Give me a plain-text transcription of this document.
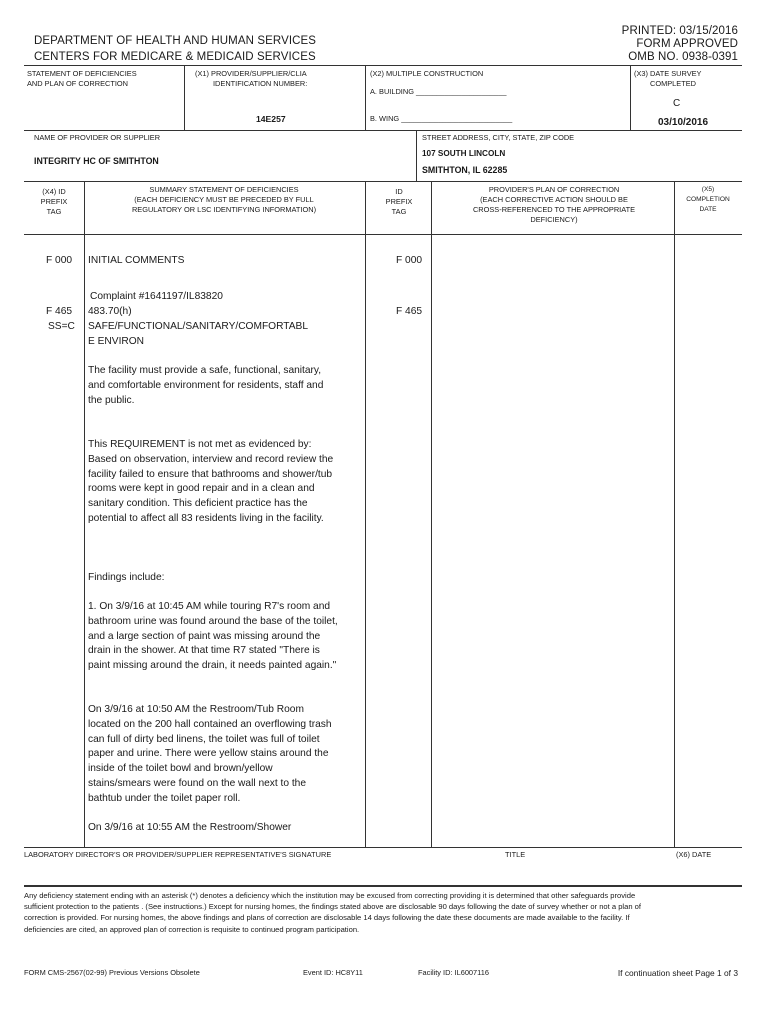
PRINTED: 03/15/2016
FORM APPROVED
OMB NO. 0938-0391
DEPARTMENT OF HEALTH AND HUMAN SERVICES
CENTERS FOR MEDICARE & MEDICAID SERVICES
STATEMENT OF DEFICIENCIES
AND PLAN OF CORRECTION
(X1) PROVIDER/SUPPLIER/CLIA
IDENTIFICATION NUMBER:
14E257
(X2) MULTIPLE CONSTRUCTION
A. BUILDING ______________________
B. WING ___________________________
(X3) DATE SURVEY
COMPLETED
C
03/10/2016
NAME OF PROVIDER OR SUPPLIER
INTEGRITY HC OF SMITHTON
STREET ADDRESS, CITY, STATE, ZIP CODE
107 SOUTH LINCOLN
SMITHTON, IL 62285
(X4) ID
PREFIX
TAG
SUMMARY STATEMENT OF DEFICIENCIES
(EACH DEFICIENCY MUST BE PRECEDED BY FULL
REGULATORY OR LSC IDENTIFYING INFORMATION)
ID
PREFIX
TAG
PROVIDER'S PLAN OF CORRECTION
(EACH CORRECTIVE ACTION SHOULD BE
CROSS-REFERENCED TO THE APPROPRIATE
DEFICIENCY)
(X5)
COMPLETION
DATE
F 000 INITIAL COMMENTS	F 000
Complaint #1641197/IL83820
F 465 483.70(h)	F 465
SS=C SAFE/FUNCTIONAL/SANITARY/COMFORTABL
E ENVIRON
The facility must provide a safe, functional, sanitary, and comfortable environment for residents, staff and the public.
This REQUIREMENT is not met as evidenced by:
Based on observation, interview and record review the facility failed to ensure that bathrooms and shower/tub rooms were kept in good repair and in a clean and sanitary condition. This deficient practice has the potential to affect all 83 residents living in the facility.
Findings include:
1. On 3/9/16 at 10:45 AM while touring R7's room and bathroom urine was found around the base of the toilet, and a large section of paint was missing around the drain in the shower. At that time R7 stated "There is paint missing around the drain, it needs painted again."
On 3/9/16 at 10:50 AM the Restroom/Tub Room located on the 200 hall contained an overflowing trash can full of dirty bed linens, the toilet was full of toilet paper and urine. There were yellow stains around the inside of the toilet bowl and brown/yellow stains/smears were found on the wall next to the bathtub under the toilet paper roll.
On 3/9/16 at 10:55 AM the Restroom/Shower
LABORATORY DIRECTOR'S OR PROVIDER/SUPPLIER REPRESENTATIVE'S SIGNATURE	TITLE	(X6) DATE
Any deficiency statement ending with an asterisk (*) denotes a deficiency which the institution may be excused from correcting providing it is determined that other safeguards provide sufficient protection to the patients . (See instructions.) Except for nursing homes, the findings stated above are disclosable 90 days following the date of survey whether or not a plan of correction is provided. For nursing homes, the above findings and plans of correction are disclosable 14 days following the date these documents are made available to the facility. If deficiencies are cited, an approved plan of correction is requisite to continued program participation.
FORM CMS-2567(02-99) Previous Versions Obsolete	Event ID: HC8Y11	Facility ID: IL6007116	If continuation sheet Page 1 of 3
